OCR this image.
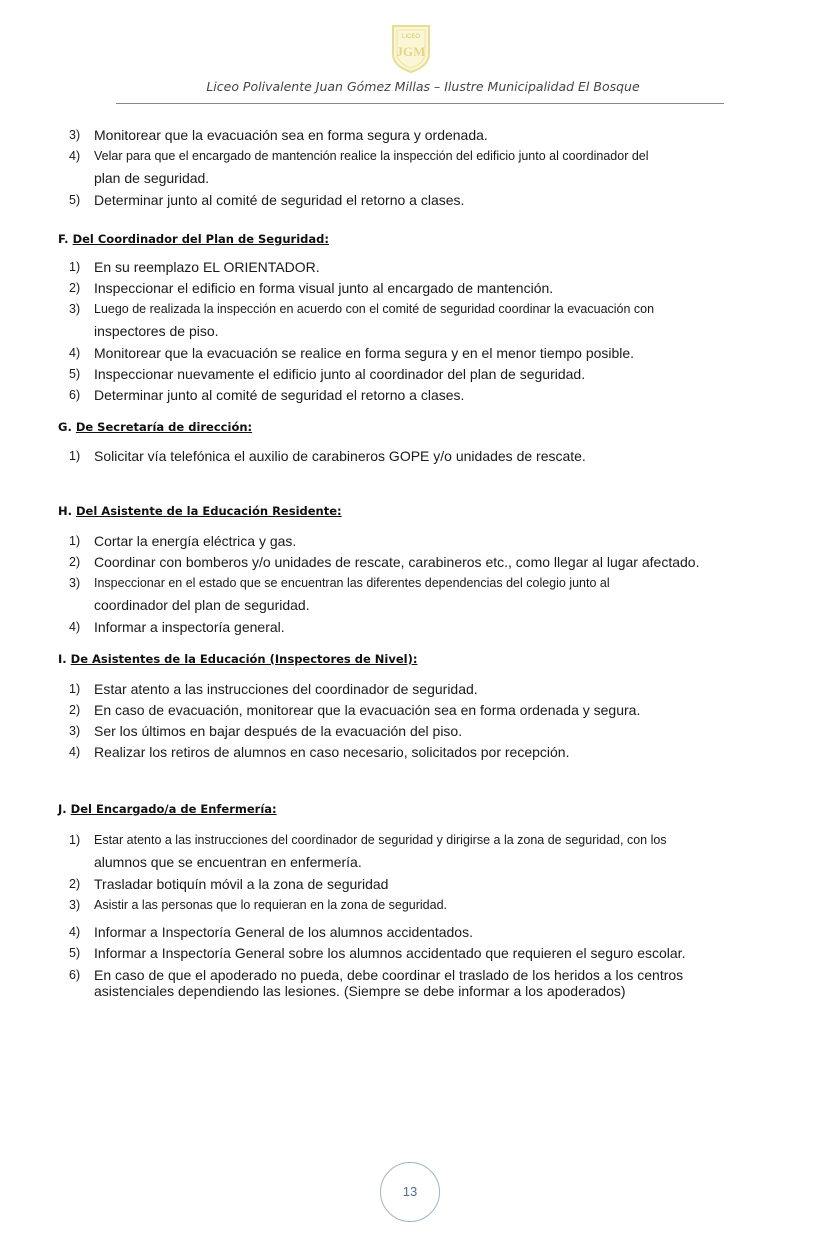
LICEO
JGM
Liceo Polivalente Juan Gómez Millas – Ilustre Municipalidad El Bosque
3) Monitorear que la evacuación sea en forma segura y ordenada.
4) Velar para que el encargado de mantención realice la inspección del edificio junto al coordinador del
plan de seguridad.
5) Determinar junto al comité de seguridad el retorno a clases.
F. Del Coordinador del Plan de Seguridad:
1) En su reemplazo EL ORIENTADOR.
2) Inspeccionar el edificio en forma visual junto al encargado de mantención.
3) Luego de realizada la inspección en acuerdo con el comité de seguridad coordinar la evacuación con
inspectores de piso.
4) Monitorear que la evacuación se realice en forma segura y en el menor tiempo posible.
5) Inspeccionar nuevamente el edificio junto al coordinador del plan de seguridad.
6) Determinar junto al comité de seguridad el retorno a clases.
G. De Secretaría de dirección:
1) Solicitar vía telefónica el auxilio de carabineros GOPE y/o unidades de rescate.
H. Del Asistente de la Educación Residente:
1) Cortar la energía eléctrica y gas.
2) Coordinar con bomberos y/o unidades de rescate, carabineros etc., como llegar al lugar afectado.
3) Inspeccionar en el estado que se encuentran las diferentes dependencias del colegio junto al
coordinador del plan de seguridad.
4) Informar a inspectoría general.
I. De Asistentes de la Educación (Inspectores de Nivel):
1) Estar atento a las instrucciones del coordinador de seguridad.
2) En caso de evacuación, monitorear que la evacuación sea en forma ordenada y segura.
3) Ser los últimos en bajar después de la evacuación del piso.
4) Realizar los retiros de alumnos en caso necesario, solicitados por recepción.
J. Del Encargado/a de Enfermería:
1) Estar atento a las instrucciones del coordinador de seguridad y dirigirse a la zona de seguridad, con los
alumnos que se encuentran en enfermería.
2) Trasladar botiquín móvil a la zona de seguridad
3) Asistir a las personas que lo requieran en la zona de seguridad.
4) Informar a Inspectoría General de los alumnos accidentados.
5) Informar a Inspectoría General sobre los alumnos accidentado que requieren el seguro escolar.
6) En caso de que el apoderado no pueda, debe coordinar el traslado de los heridos a los centros
asistenciales dependiendo las lesiones. (Siempre se debe informar a los apoderados)
13
